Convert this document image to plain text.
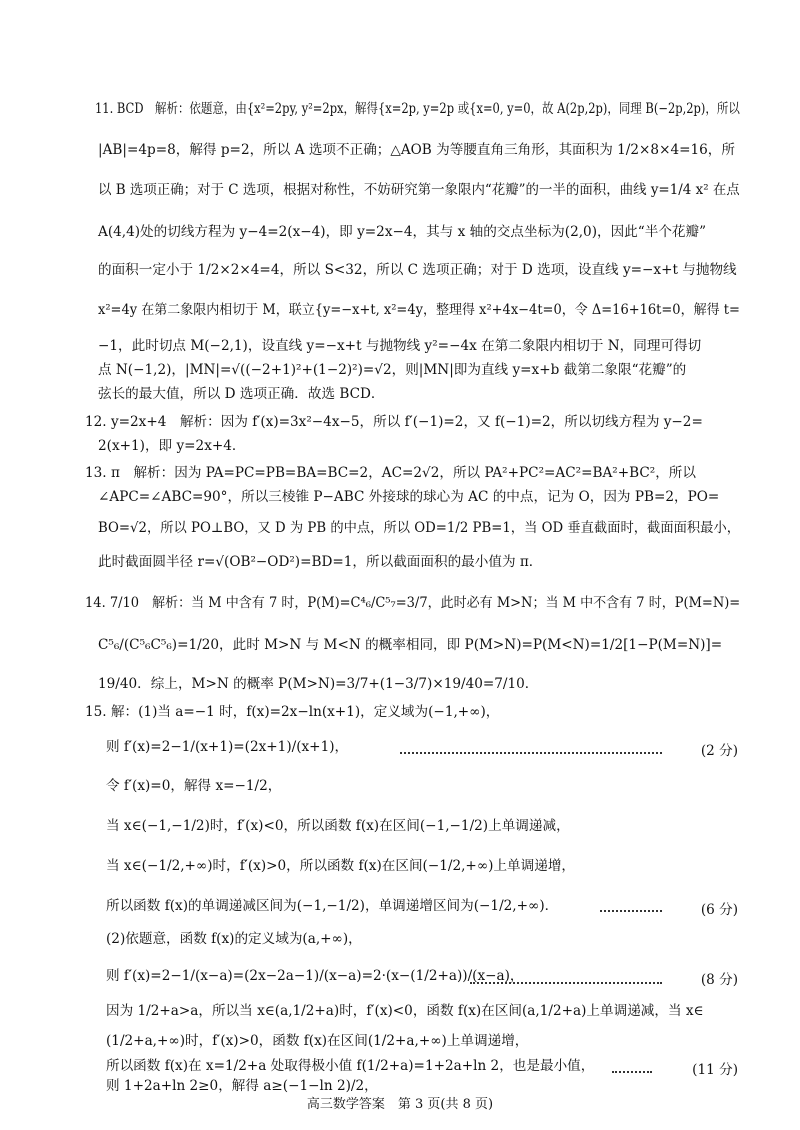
11. BCD　解析：依题意，由{x²=2py, y²=2px，解得{x=2p, y=2p 或{x=0, y=0，故 A(2p,2p)，同理 B(−2p,2p)，所以
|AB|=4p=8，解得 p=2，所以 A 选项不正确；△AOB 为等腰直角三角形，其面积为 1/2×8×4=16，所
以 B 选项正确；对于 C 选项，根据对称性，不妨研究第一象限内“花瓣”的一半的面积，曲线 y=1/4 x² 在点
A(4,4)处的切线方程为 y−4=2(x−4)，即 y=2x−4，其与 x 轴的交点坐标为(2,0)，因此“半个花瓣”
的面积一定小于 1/2×2×4=4，所以 S<32，所以 C 选项正确；对于 D 选项，设直线 y=−x+t 与抛物线
x²=4y 在第二象限内相切于 M，联立{y=−x+t, x²=4y，整理得 x²+4x−4t=0，令 Δ=16+16t=0，解得 t=
−1，此时切点 M(−2,1)，设直线 y=−x+t 与抛物线 y²=−4x 在第二象限内相切于 N，同理可得切
点 N(−1,2)，|MN|=√((−2+1)²+(1−2)²)=√2，则|MN|即为直线 y=x+b 截第二象限“花瓣”的
弦长的最大值，所以 D 选项正确．故选 BCD．
12. y=2x+4　解析：因为 f′(x)=3x²−4x−5，所以 f′(−1)=2，又 f(−1)=2，所以切线方程为 y−2=
2(x+1)，即 y=2x+4．
13. π　解析：因为 PA=PC=PB=BA=BC=2，AC=2√2，所以 PA²+PC²=AC²=BA²+BC²，所以
∠APC=∠ABC=90°，所以三棱锥 P−ABC 外接球的球心为 AC 的中点，记为 O，因为 PB=2，PO=
BO=√2，所以 PO⊥BO，又 D 为 PB 的中点，所以 OD=1/2 PB=1，当 OD 垂直截面时，截面面积最小，
此时截面圆半径 r=√(OB²−OD²)=BD=1，所以截面面积的最小值为 π．
14. 7/10　解析：当 M 中含有 7 时，P(M)=C⁴₆/C⁵₇=3/7，此时必有 M>N；当 M 中不含有 7 时，P(M=N)=
C⁵₆/(C⁵₆C⁵₆)=1/20，此时 M>N 与 M<N 的概率相同，即 P(M>N)=P(M<N)=1/2[1−P(M=N)]=
19/40．综上，M>N 的概率 P(M>N)=3/7+(1−3/7)×19/40=7/10．
15. 解：(1)当 a=−1 时，f(x)=2x−ln(x+1)，定义域为(−1,+∞)，
则 f′(x)=2−1/(x+1)=(2x+1)/(x+1)，	(2 分)
令 f′(x)=0，解得 x=−1/2，
当 x∈(−1,−1/2)时，f′(x)<0，所以函数 f(x)在区间(−1,−1/2)上单调递减，
当 x∈(−1/2,+∞)时，f′(x)>0，所以函数 f(x)在区间(−1/2,+∞)上单调递增，
所以函数 f(x)的单调递减区间为(−1,−1/2)，单调递增区间为(−1/2,+∞)．	(6 分)
(2)依题意，函数 f(x)的定义域为(a,+∞)，
则 f′(x)=2−1/(x−a)=(2x−2a−1)/(x−a)=2·(x−(1/2+a))/(x−a)，	(8 分)
因为 1/2+a>a，所以当 x∈(a,1/2+a)时，f′(x)<0，函数 f(x)在区间(a,1/2+a)上单调递减，当 x∈
(1/2+a,+∞)时，f′(x)>0，函数 f(x)在区间(1/2+a,+∞)上单调递增，
所以函数 f(x)在 x=1/2+a 处取得极小值 f(1/2+a)=1+2a+ln 2，也是最小值，	(11 分)
则 1+2a+ln 2≥0，解得 a≥(−1−ln 2)/2，
高三数学答案　第 3 页(共 8 页)
